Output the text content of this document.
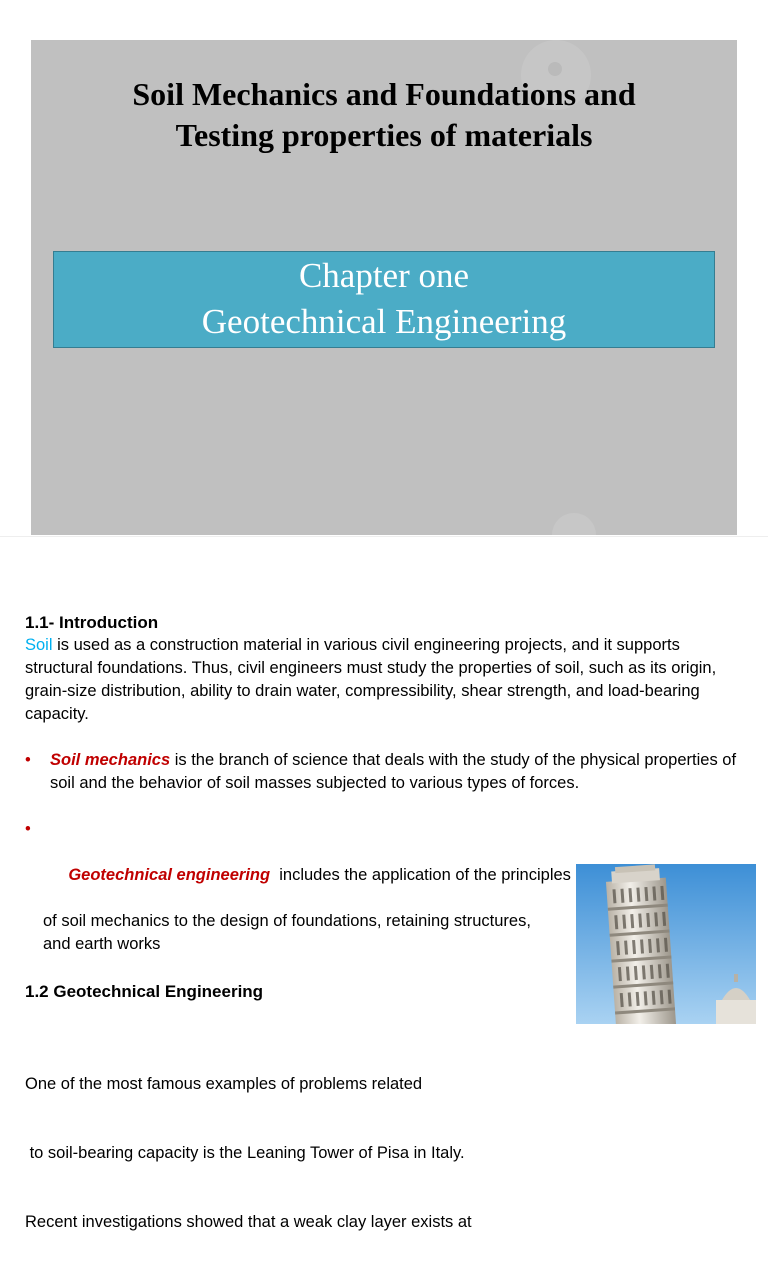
Soil Mechanics and Foundations and
Testing properties of materials
Chapter one
Geotechnical Engineering

1.1- Introduction

Soil is used as a construction material in various civil engineering projects, and it supports structural foundations. Thus, civil engineers must study the properties of soil, such as its origin, grain-size distribution, ability to drain water, compressibility, shear strength, and load-bearing capacity.

• Soil mechanics is the branch of science that deals with the study of the physical properties of soil and the behavior of soil masses subjected to various types of forces.

•

Geotechnical engineering  includes the application of the principles

of soil mechanics to the design of foundations, retaining structures,
and earth works

1.2 Geotechnical Engineering

One of the most famous examples of problems related

to soil-bearing capacity is the Leaning Tower of Pisa in Italy.

Recent investigations showed that a weak clay layer exists at
